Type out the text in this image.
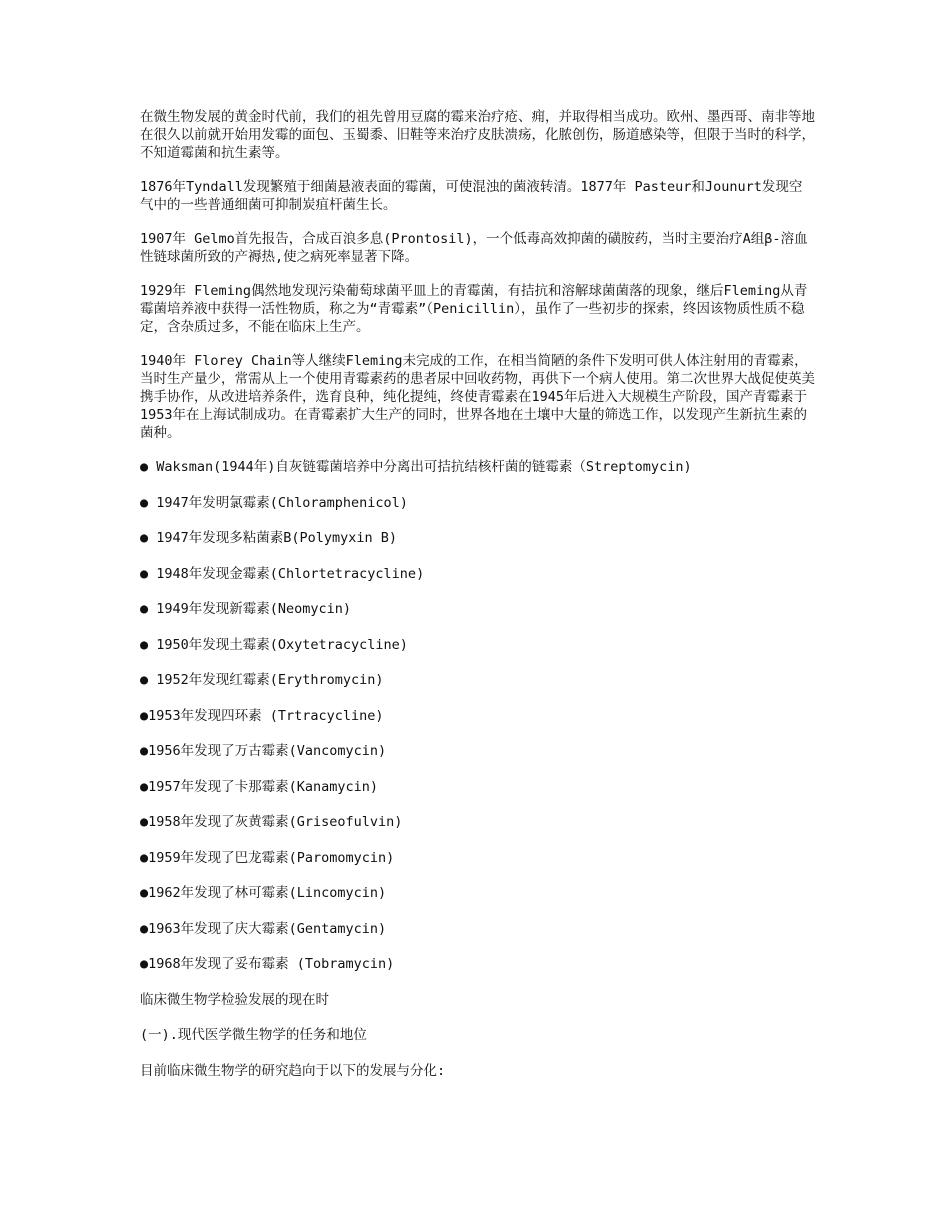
在微生物发展的黄金时代前，我们的祖先曾用豆腐的霉来治疗疮、痈，并取得相当成功。欧州、墨西哥、南非等地在很久以前就开始用发霉的面包、玉蜀黍、旧鞋等来治疗皮肤溃疡，化脓创伤，肠道感染等，但限于当时的科学，不知道霉菌和抗生素等。

1876年Tyndall发现繁殖于细菌悬液表面的霉菌，可使混浊的菌液转清。1877年 Pasteur和Jounurt发现空气中的一些普通细菌可抑制炭疽杆菌生长。

1907年 Gelmo首先报告，合成百浪多息(Prontosil)，一个低毒高效抑菌的磺胺药，当时主要治疗A组β-溶血性链球菌所致的产褥热,使之病死率显著下降。

1929年 Fleming偶然地发现污染葡萄球菌平皿上的青霉菌，有拮抗和溶解球菌菌落的现象，继后Fleming从青霉菌培养液中获得一活性物质，称之为“青霉素”（Penicillin），虽作了一些初步的探索，终因该物质性质不稳定，含杂质过多，不能在临床上生产。

1940年 Florey Chain等人继续Fleming未完成的工作，在相当简陋的条件下发明可供人体注射用的青霉素，当时生产量少，常需从上一个使用青霉素药的患者尿中回收药物，再供下一个病人使用。第二次世界大战促使英美携手协作，从改进培养条件，选育良种，纯化提纯，终使青霉素在1945年后进入大规模生产阶段，国产青霉素于1953年在上海试制成功。在青霉素扩大生产的同时，世界各地在土壤中大量的筛选工作，以发现产生新抗生素的菌种。

● Waksman(1944年)自灰链霉菌培养中分离出可拮抗结核杆菌的链霉素（Streptomycin)
● 1947年发明氯霉素(Chloramphenicol)
● 1947年发现多粘菌素B(Polymyxin B)
● 1948年发现金霉素(Chlortetracycline)
● 1949年发现新霉素(Neomycin)
● 1950年发现土霉素(Oxytetracycline)
● 1952年发现红霉素(Erythromycin)
●1953年发现四环素 (Trtracycline)
●1956年发现了万古霉素(Vancomycin)
●1957年发现了卡那霉素(Kanamycin)
●1958年发现了灰黄霉素(Griseofulvin)
●1959年发现了巴龙霉素(Paromomycin)
●1962年发现了林可霉素(Lincomycin)
●1963年发现了庆大霉素(Gentamycin)
●1968年发现了妥布霉素 (Tobramycin)
临床微生物学检验发展的现在时
(一).现代医学微生物学的任务和地位
目前临床微生物学的研究趋向于以下的发展与分化:
